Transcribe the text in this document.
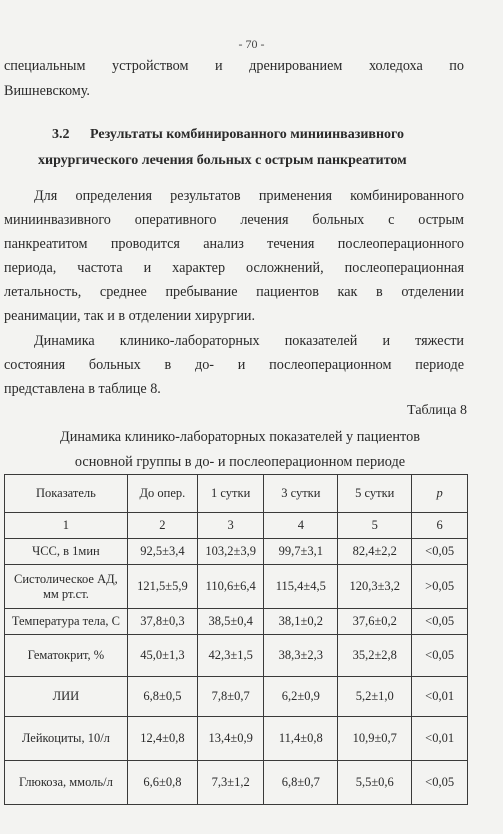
- 70 -
специальным устройством и дренированием холедоха по
Вишневскому.
3.2 Результаты комбинированного миниинвазивного
хирургического лечения больных с острым панкреатитом
Для определения результатов применения комбинированного
миниинвазивного оперативного лечения больных с острым
панкреатитом проводится анализ течения послеоперационного
периода, частота и характер осложнений, послеоперационная
летальность, среднее пребывание пациентов как в отделении
реанимации, так и в отделении хирургии.
Динамика клинико-лабораторных показателей и тяжести
состояния больных в до- и послеоперационном периоде
представлена в таблице 8.
Таблица 8
Динамика клинико-лабораторных показателей у пациентов
основной группы в до- и послеоперационном периоде
Показатель	До опер.	1 сутки	3 сутки	5 сутки	p
1	2	3	4	5	6
ЧСС, в 1мин	92,5±3,4	103,2±3,9	99,7±3,1	82,4±2,2	<0,05
Систолическое АД, мм рт.ст.	121,5±5,9	110,6±6,4	115,4±4,5	120,3±3,2	>0,05
Температура тела, С	37,8±0,3	38,5±0,4	38,1±0,2	37,6±0,2	<0,05
Гематокрит, %	45,0±1,3	42,3±1,5	38,3±2,3	35,2±2,8	<0,05
ЛИИ	6,8±0,5	7,8±0,7	6,2±0,9	5,2±1,0	<0,01
Лейкоциты, 10/л	12,4±0,8	13,4±0,9	11,4±0,8	10,9±0,7	<0,01
Глюкоза, ммоль/л	6,6±0,8	7,3±1,2	6,8±0,7	5,5±0,6	<0,05
